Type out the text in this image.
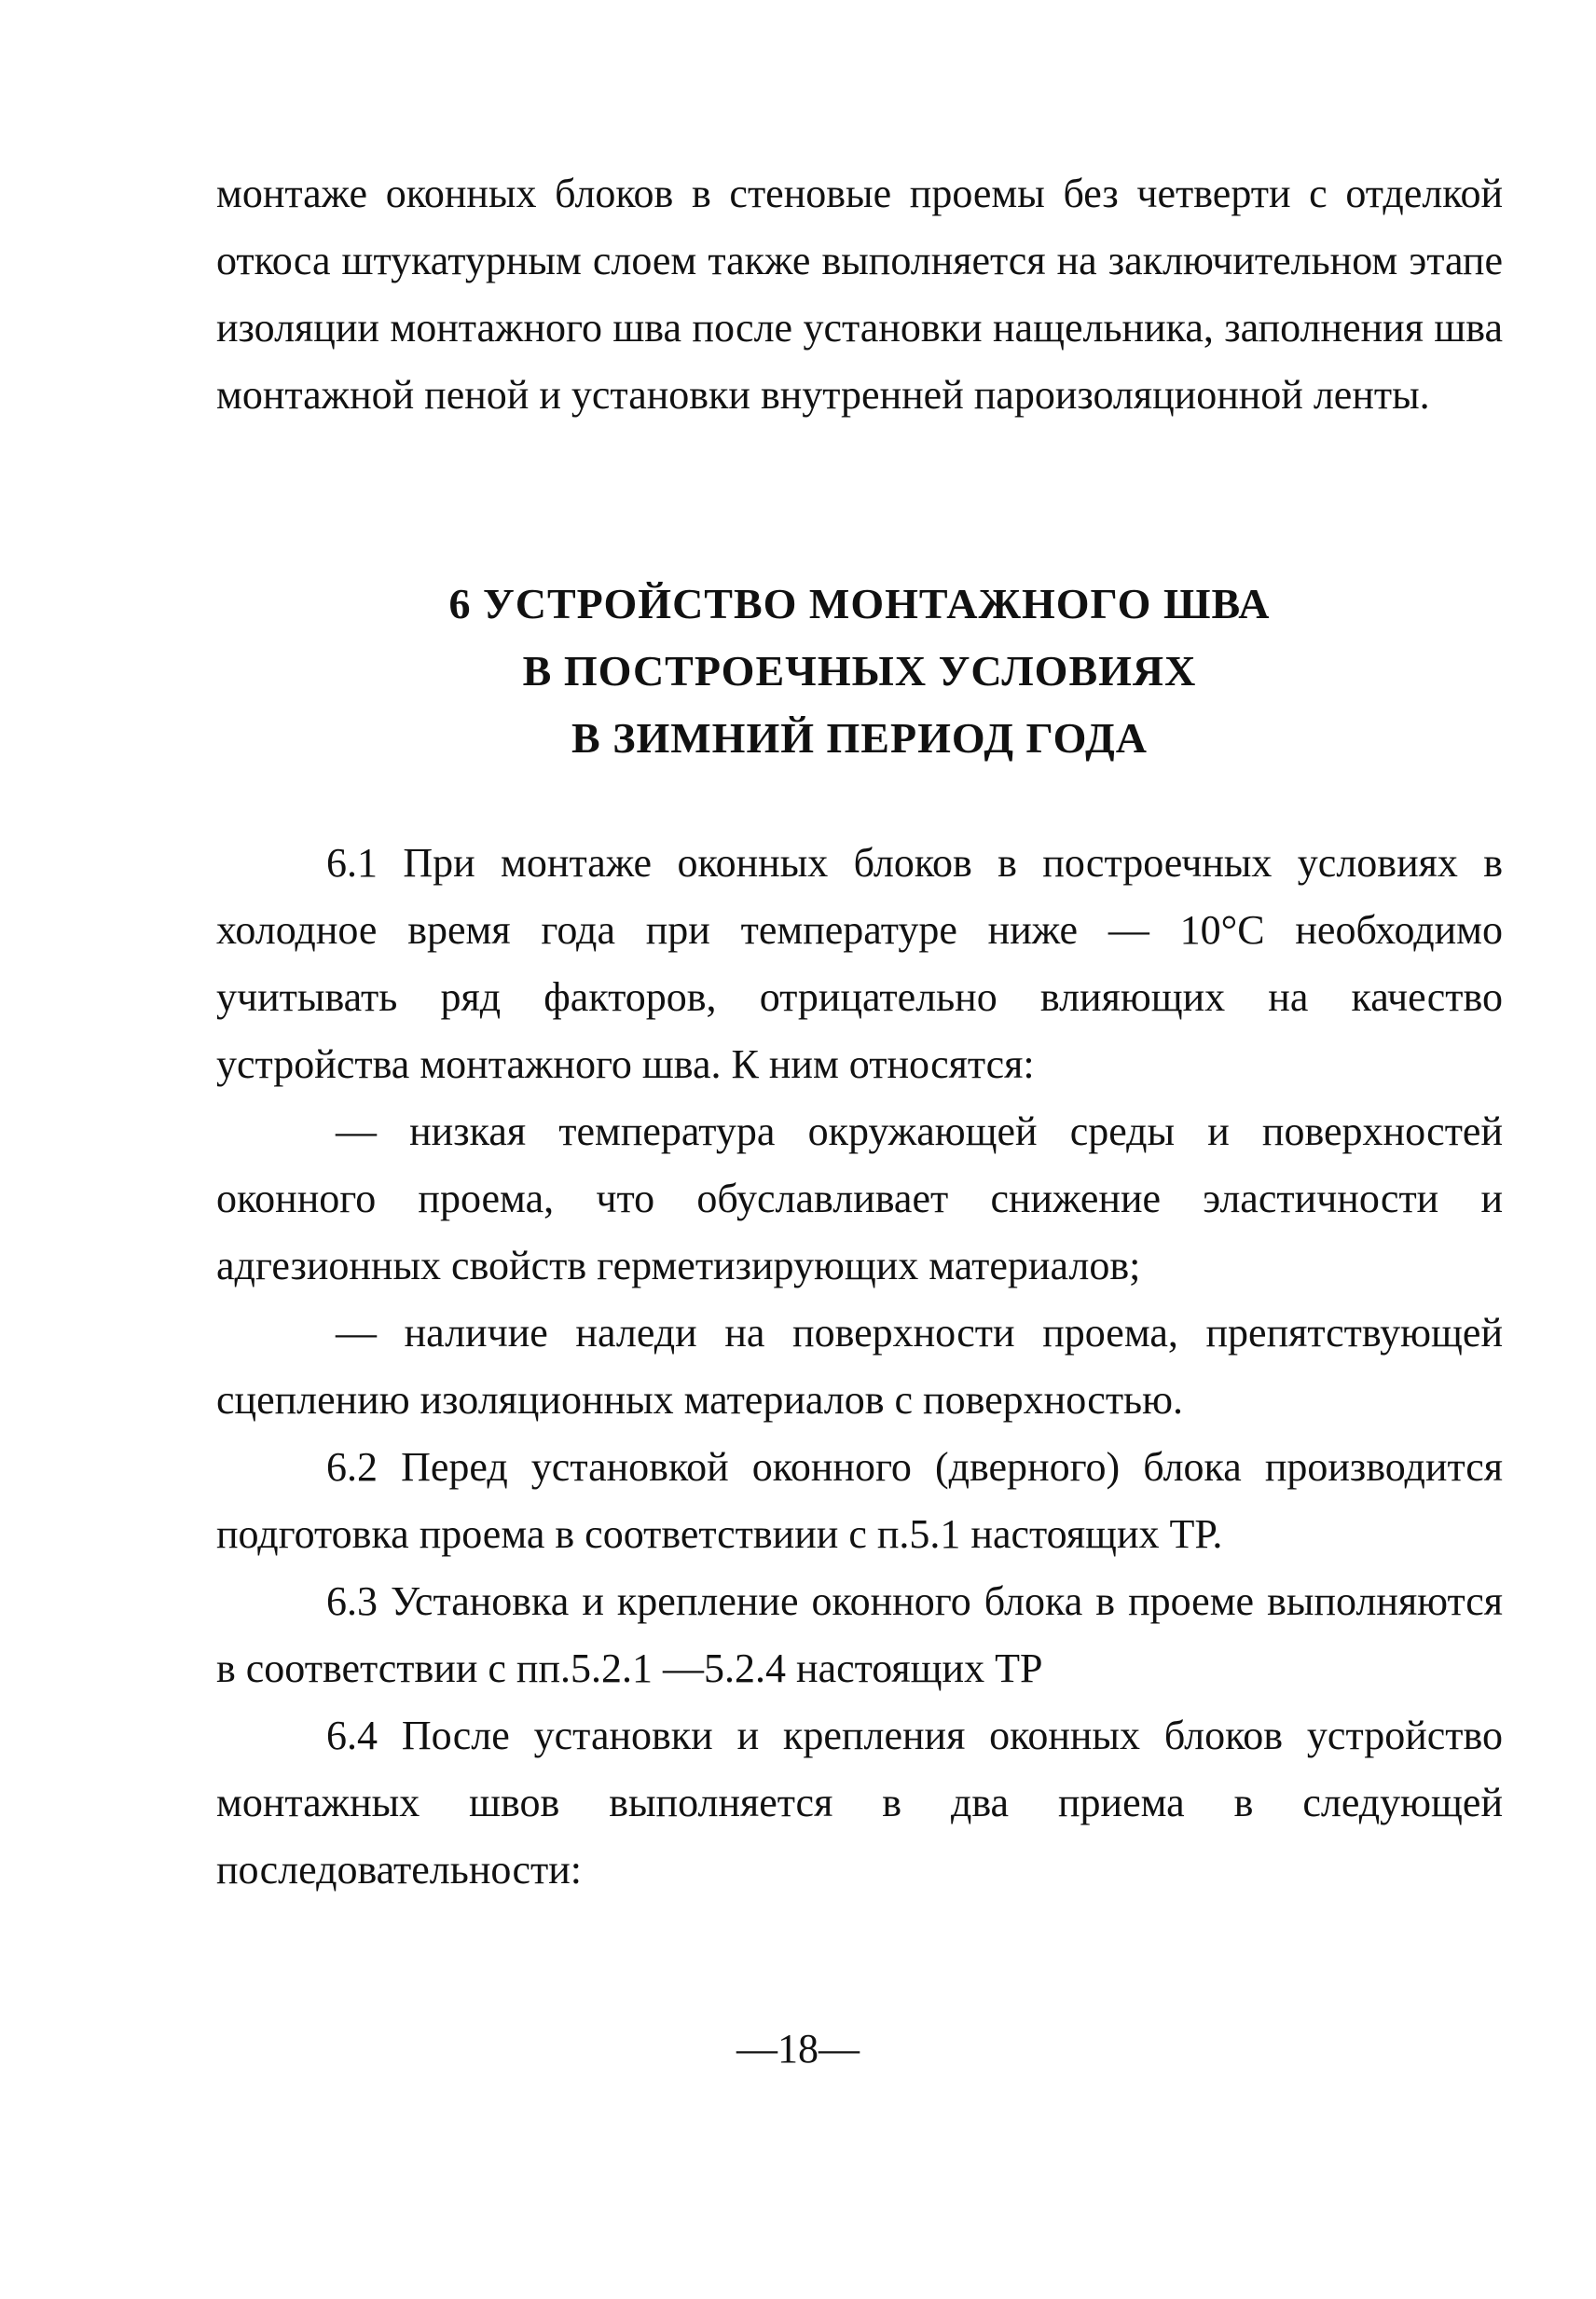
монтаже оконных блоков в стеновые проемы без четверти с отделкой откоса штукатурным слоем также выполняется на заключительном этапе изоляции монтажного шва после установки нащельника, заполнения шва монтажной пеной и установки внутренней пароизоляционной ленты.

6 УСТРОЙСТВО МОНТАЖНОГО ШВА
В ПОСТРОЕЧНЫХ УСЛОВИЯХ
В ЗИМНИЙ ПЕРИОД ГОДА

6.1 При монтаже оконных блоков в построечных условиях в холодное время года при температуре ниже — 10°С необходимо учитывать ряд факторов, отрицательно влияющих на качество устройства монтажного шва. К ним относятся:

— низкая температура окружающей среды и поверхностей оконного проема, что обуславливает снижение эластичности и адгезионных свойств герметизирующих материалов;

— наличие наледи на поверхности проема, препятствующей сцеплению изоляционных материалов с поверхностью.

6.2 Перед установкой оконного (дверного) блока производится подготовка проема в соответствиии с п.5.1 настоящих ТР.

6.3 Установка и крепление оконного блока в проеме выполняются в соответствии с пп.5.2.1 —5.2.4 настоящих ТР

6.4 После установки и крепления оконных блоков устройство монтажных швов выполняется в два приема в следующей последовательности:

—18—
